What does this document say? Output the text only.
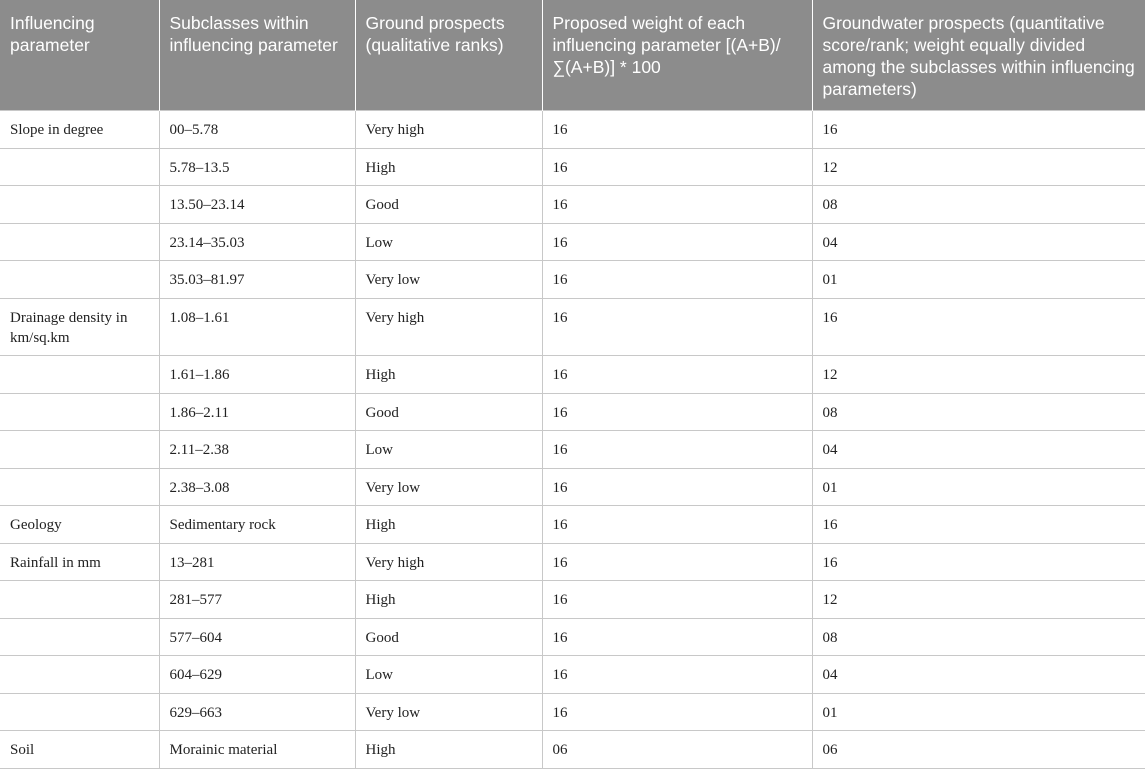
Influencing parameter	Subclasses within influencing parameter	Ground prospects (qualitative ranks)	Proposed weight of each influencing parameter [(A+B)/∑(A+B)] * 100	Groundwater prospects (quantitative score/rank; weight equally divided among the subclasses within influencing parameters)
Slope in degree	00–5.78	Very high	16	16
	5.78–13.5	High	16	12
	13.50–23.14	Good	16	08
	23.14–35.03	Low	16	04
	35.03–81.97	Very low	16	01
Drainage density in km/sq.km	1.08–1.61	Very high	16	16
	1.61–1.86	High	16	12
	1.86–2.11	Good	16	08
	2.11–2.38	Low	16	04
	2.38–3.08	Very low	16	01
Geology	Sedimentary rock	High	16	16
Rainfall in mm	13–281	Very high	16	16
	281–577	High	16	12
	577–604	Good	16	08
	604–629	Low	16	04
	629–663	Very low	16	01
Soil	Morainic material	High	06	06
